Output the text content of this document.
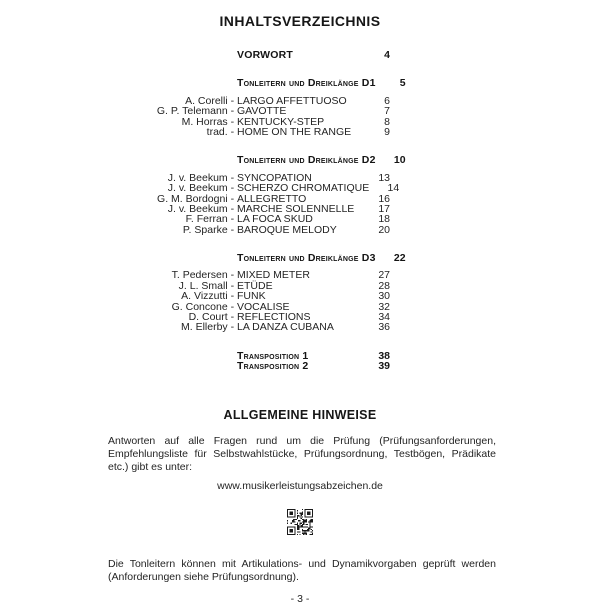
INHALTSVERZEICHNIS
VORWORT	4
Tonleitern und Dreiklänge D1	5
A. Corelli - LARGO AFFETTUOSO	6
G. P. Telemann - GAVOTTE	7
M. Horras - KENTUCKY-STEP	8
trad. - HOME ON THE RANGE	9
Tonleitern und Dreiklänge D2	10
J. v. Beekum - SYNCOPATION	13
J. v. Beekum - SCHERZO CHROMATIQUE	14
G. M. Bordogni - ALLEGRETTO	16
J. v. Beekum - MARCHE SOLENNELLE	17
F. Ferran - LA FOCA SKUD	18
P. Sparke - BAROQUE MELODY	20
Tonleitern und Dreiklänge D3	22
T. Pedersen - MIXED METER	27
J. L. Small - ETÜDE	28
A. Vizzutti - FUNK	30
G. Concone - VOCALISE	32
D. Court - REFLECTIONS	34
M. Ellerby - LA DANZA CUBANA	36
Transposition 1	38
Transposition 2	39
ALLGEMEINE HINWEISE
Antworten auf alle Fragen rund um die Prüfung (Prüfungsanforderungen, Empfehlungsliste für Selbstwahlstücke, Prüfungsordnung, Testbögen, Prädikate etc.) gibt es unter:
www.musikerleistungsabzeichen.de
Die Tonleitern können mit Artikulations- und Dynamikvorgaben geprüft werden (Anforderungen siehe Prüfungsordnung).
- 3 -
